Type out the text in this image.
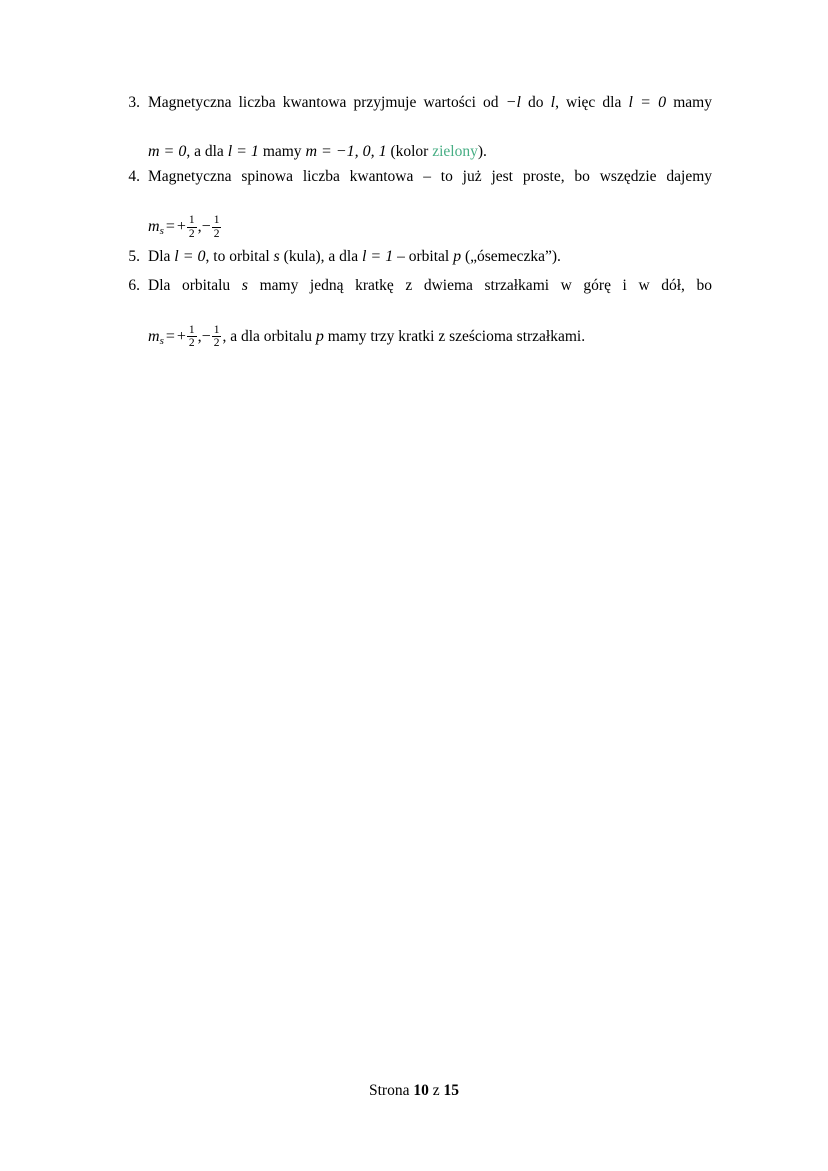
3. Magnetyczna liczba kwantowa przyjmuje wartości od −l do l, więc dla l = 0 mamy
m = 0, a dla l = 1 mamy m = −1, 0, 1 (kolor zielony).
4. Magnetyczna spinowa liczba kwantowa – to już jest proste, bo wszędzie dajemy
ms = + $\frac{1}{2}$ ,− $\frac{1}{2}$
5. Dla l = 0, to orbital s (kula), a dla l = 1 – orbital p („ósemeczka”).
6. Dla orbitalu s mamy jedną kratkę z dwiema strzałkami w górę i w dół, bo
ms = + $\frac{1}{2}$ ,− $\frac{1}{2}$ , a dla orbitalu p mamy trzy kratki z sześcioma strzałkami.
Strona 10 z 15
